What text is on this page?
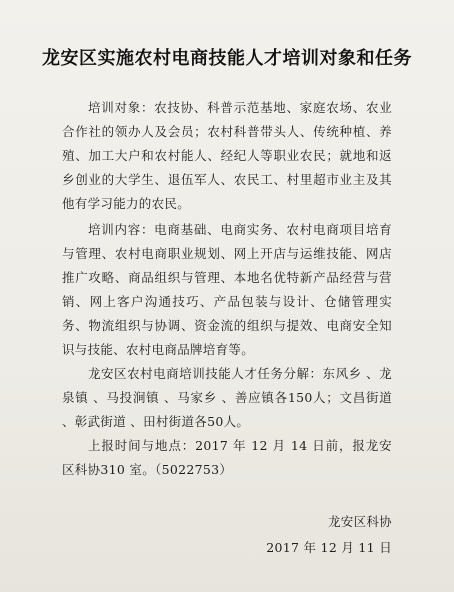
龙安区实施农村电商技能人才培训对象和任务
培训对象：农技协、科普示范基地、家庭农场、农业合作社的领办人及会员；农村科普带头人、传统种植、养殖、加工大户和农村能人、经纪人等职业农民；就地和返乡创业的大学生、退伍军人、农民工、村里超市业主及其他有学习能力的农民。
培训内容：电商基础、电商实务、农村电商项目培育与管理、农村电商职业规划、网上开店与运维技能、网店推广攻略、商品组织与管理、本地名优特新产品经营与营销、网上客户沟通技巧、产品包装与设计、仓储管理实务、物流组织与协调、资金流的组织与提效、电商安全知识与技能、农村电商品牌培育等。
龙安区农村电商培训技能人才任务分解：东风乡 、龙泉镇 、马投涧镇 、马家乡 、善应镇各150人；文昌街道 、彰武街道 、田村街道各50人。
上报时间与地点：2017 年 12 月 14 日前，报龙安区科协310 室。（5022753）
龙安区科协
2017 年 12 月 11 日
